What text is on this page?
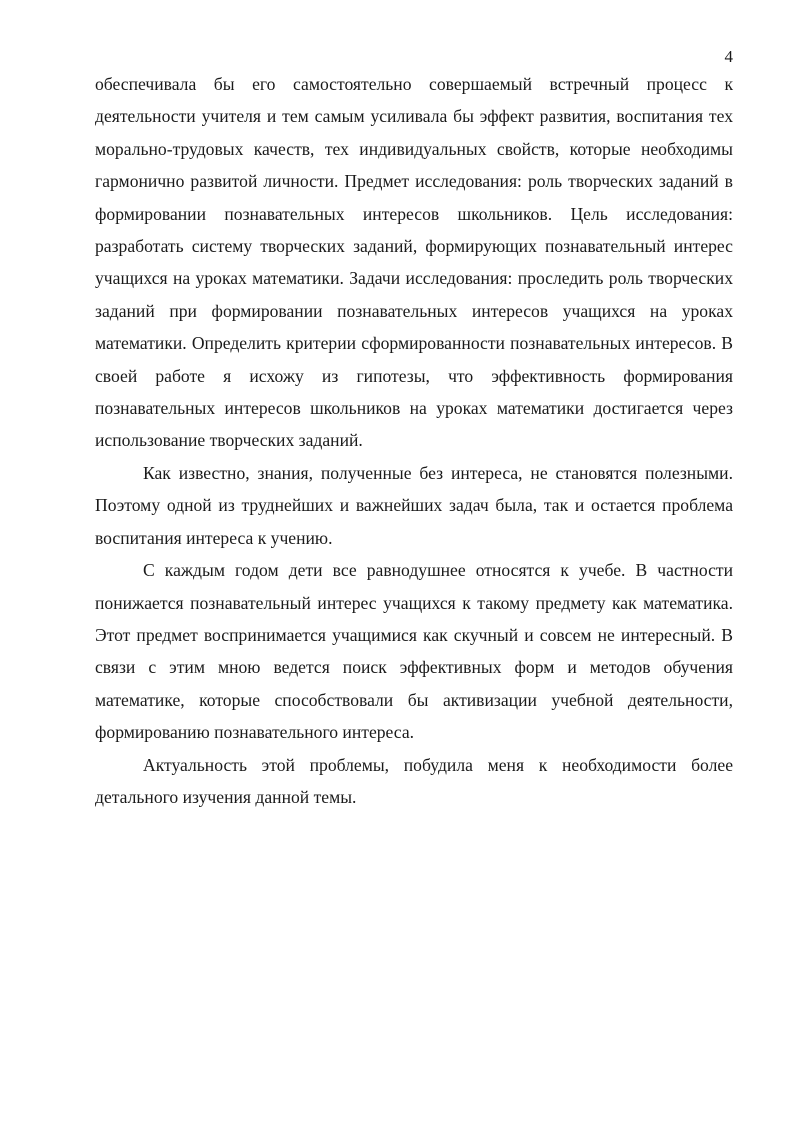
4

обеспечивала бы его самостоятельно совершаемый встречный процесс к деятельности учителя и тем самым усиливала бы эффект развития, воспитания тех морально-трудовых качеств, тех индивидуальных свойств, которые необходимы гармонично развитой личности. Предмет исследования: роль творческих заданий в формировании познавательных интересов школьников. Цель исследования: разработать систему творческих заданий, формирующих познавательный интерес учащихся на уроках математики. Задачи исследования: проследить роль творческих заданий при формировании познавательных интересов учащихся на уроках математики. Определить критерии сформированности познавательных интересов. В своей работе я исхожу из гипотезы, что эффективность формирования познавательных интересов школьников на уроках математики достигается через использование творческих заданий.

Как известно, знания, полученные без интереса, не становятся полезными. Поэтому одной из труднейших и важнейших задач была, так и остается проблема воспитания интереса к учению.

С каждым годом дети все равнодушнее относятся к учебе. В частности понижается познавательный интерес учащихся к такому предмету как математика. Этот предмет воспринимается учащимися как скучный и совсем не интересный. В связи с этим мною ведется поиск эффективных форм и методов обучения математике, которые способствовали бы активизации учебной деятельности, формированию познавательного интереса.

Актуальность этой проблемы, побудила меня к необходимости более детального изучения данной темы.
